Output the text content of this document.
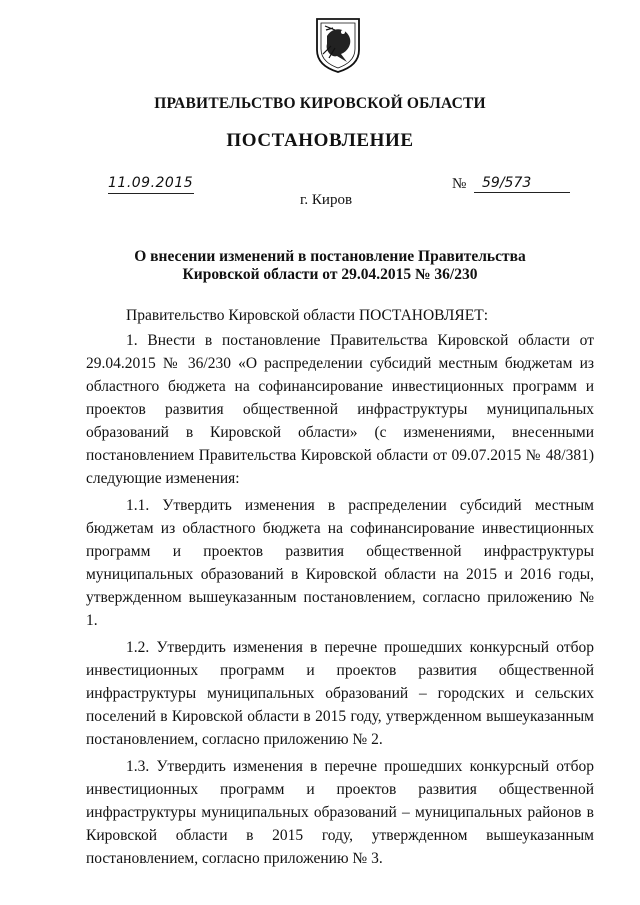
ПРАВИТЕЛЬСТВО КИРОВСКОЙ ОБЛАСТИ
ПОСТАНОВЛЕНИЕ
11.09.2015	№	59/573
г. Киров
О внесении изменений в постановление Правительства Кировской области от 29.04.2015 № 36/230

Правительство Кировской области ПОСТАНОВЛЯЕТ:

1. Внести в постановление Правительства Кировской области от 29.04.2015 № 36/230 «О распределении субсидий местным бюджетам из областного бюджета на софинансирование инвестиционных программ и проектов развития общественной инфраструктуры муниципальных образований в Кировской области» (с изменениями, внесенными постановлением Правительства Кировской области от 09.07.2015 № 48/381) следующие изменения:

1.1. Утвердить изменения в распределении субсидий местным бюджетам из областного бюджета на софинансирование инвестиционных программ и проектов развития общественной инфраструктуры муниципальных образований в Кировской области на 2015 и 2016 годы, утвержденном вышеуказанным постановлением, согласно приложению № 1.

1.2. Утвердить изменения в перечне прошедших конкурсный отбор инвестиционных программ и проектов развития общественной инфраструктуры муниципальных образований – городских и сельских поселений в Кировской области в 2015 году, утвержденном вышеуказанным постановлением, согласно приложению № 2.

1.3. Утвердить изменения в перечне прошедших конкурсный отбор инвестиционных программ и проектов развития общественной инфраструктуры муниципальных образований – муниципальных районов в Кировской области в 2015 году, утвержденном вышеуказанным постановлением, согласно приложению № 3.
